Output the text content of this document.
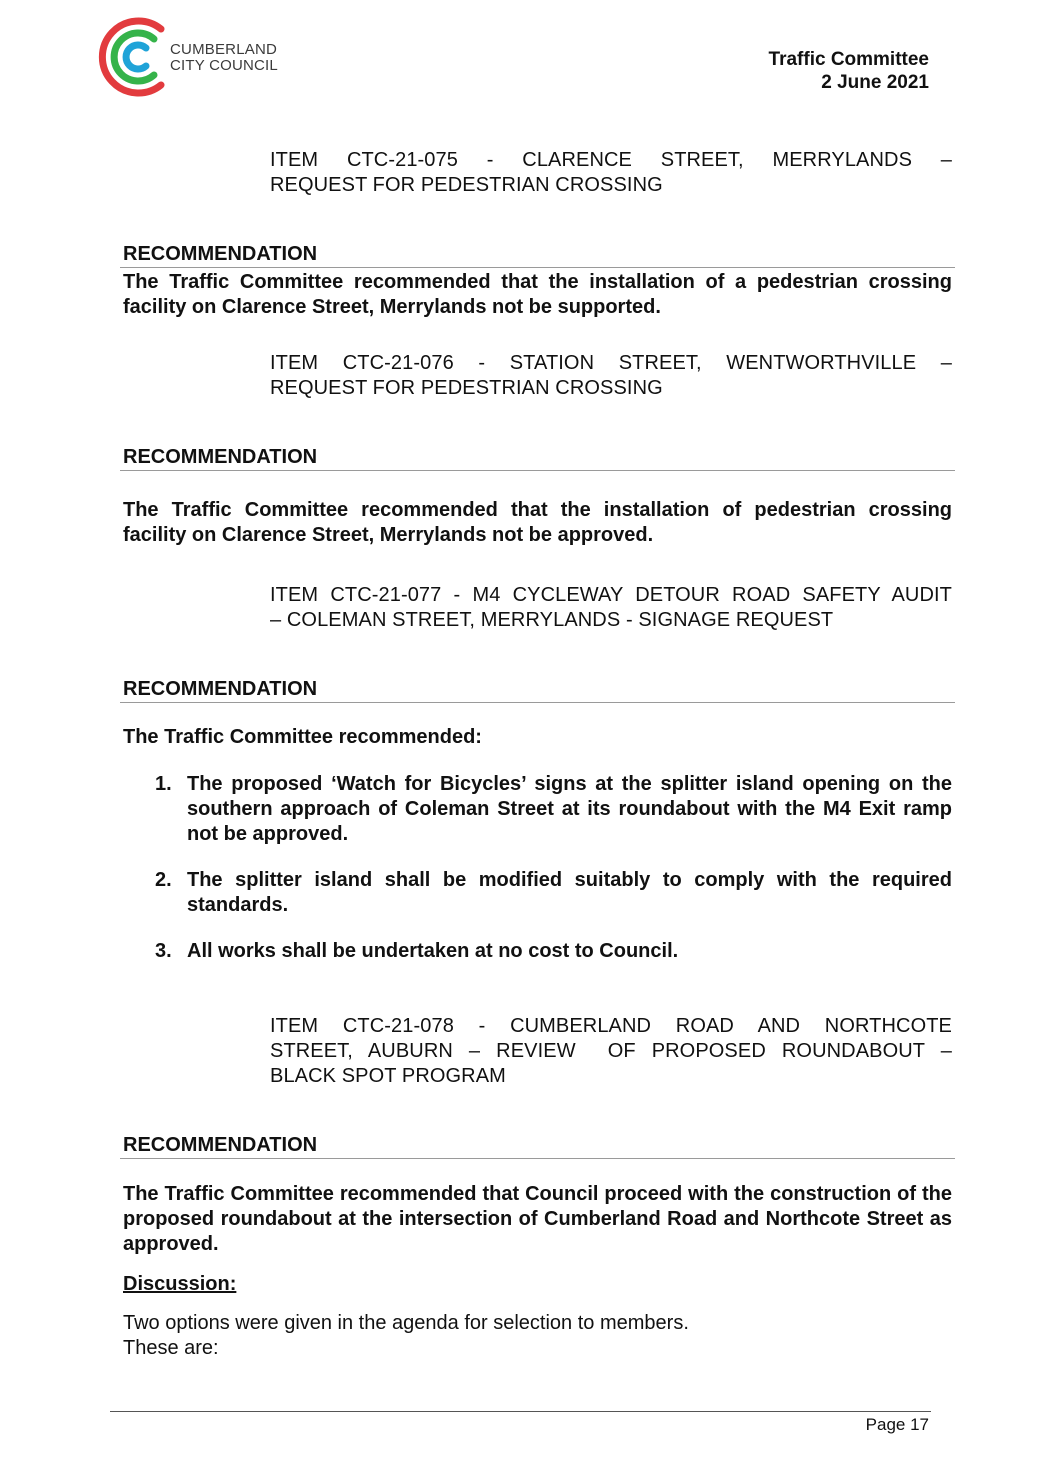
CUMBERLAND
CITY COUNCIL	Traffic Committee
2 June 2021
ITEM CTC-21-075 - CLARENCE STREET, MERRYLANDS –
REQUEST FOR PEDESTRIAN CROSSING
RECOMMENDATION
The Traffic Committee recommended that the installation of a pedestrian crossing
facility on Clarence Street, Merrylands not be supported.
ITEM CTC-21-076 - STATION STREET, WENTWORTHVILLE –
REQUEST FOR PEDESTRIAN CROSSING
RECOMMENDATION
The Traffic Committee recommended that the installation of pedestrian crossing
facility on Clarence Street, Merrylands not be approved.
ITEM CTC-21-077 - M4 CYCLEWAY DETOUR ROAD SAFETY AUDIT
– COLEMAN STREET, MERRYLANDS - SIGNAGE REQUEST
RECOMMENDATION
The Traffic Committee recommended:
1. The proposed ‘Watch for Bicycles’ signs at the splitter island opening on the southern approach of Coleman Street at its roundabout with the M4 Exit ramp not be approved.
2. The splitter island shall be modified suitably to comply with the required standards.
3. All works shall be undertaken at no cost to Council.
ITEM CTC-21-078 - CUMBERLAND ROAD AND NORTHCOTE
STREET, AUBURN – REVIEW  OF PROPOSED ROUNDABOUT –
BLACK SPOT PROGRAM
RECOMMENDATION
The Traffic Committee recommended that Council proceed with the construction of the proposed roundabout at the intersection of Cumberland Road and Northcote Street as approved.
Discussion:
Two options were given in the agenda for selection to members.
These are:
Page 17
